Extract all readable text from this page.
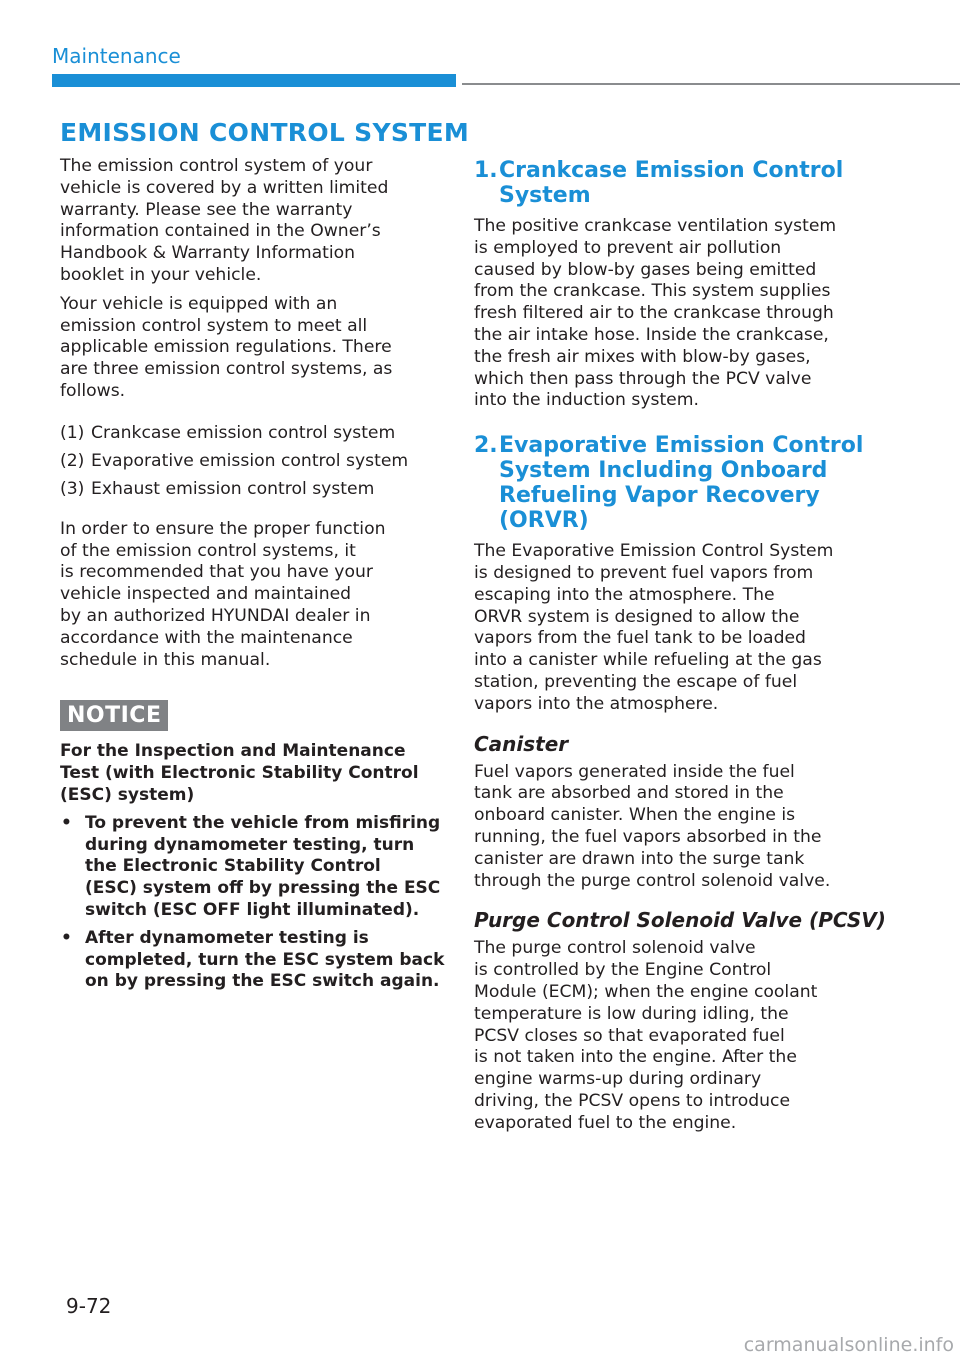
Maintenance
EMISSION CONTROL SYSTEM

The emission control system of your
vehicle is covered by a written limited
warranty. Please see the warranty
information contained in the Owner’s
Handbook & Warranty Information
booklet in your vehicle.

Your vehicle is equipped with an
emission control system to meet all
applicable emission regulations. There
are three emission control systems, as
follows.

(1) Crankcase emission control system
(2) Evaporative emission control system
(3) Exhaust emission control system

In order to ensure the proper function
of the emission control systems, it
is recommended that you have your
vehicle inspected and maintained
by an authorized HYUNDAI dealer in
accordance with the maintenance
schedule in this manual.

NOTICE
For the Inspection and Maintenance
Test (with Electronic Stability Control
(ESC) system)
• To prevent the vehicle from misfiring
during dynamometer testing, turn
the Electronic Stability Control
(ESC) system off by pressing the ESC
switch (ESC OFF light illuminated).
• After dynamometer testing is
completed, turn the ESC system back
on by pressing the ESC switch again.
1. Crankcase Emission Control
System

The positive crankcase ventilation system
is employed to prevent air pollution
caused by blow-by gases being emitted
from the crankcase. This system supplies
fresh filtered air to the crankcase through
the air intake hose. Inside the crankcase,
the fresh air mixes with blow-by gases,
which then pass through the PCV valve
into the induction system.

2. Evaporative Emission Control
System Including Onboard
Refueling Vapor Recovery
(ORVR)

The Evaporative Emission Control System
is designed to prevent fuel vapors from
escaping into the atmosphere. The
ORVR system is designed to allow the
vapors from the fuel tank to be loaded
into a canister while refueling at the gas
station, preventing the escape of fuel
vapors into the atmosphere.

Canister

Fuel vapors generated inside the fuel
tank are absorbed and stored in the
onboard canister. When the engine is
running, the fuel vapors absorbed in the
canister are drawn into the surge tank
through the purge control solenoid valve.

Purge Control Solenoid Valve (PCSV)

The purge control solenoid valve
is controlled by the Engine Control
Module (ECM); when the engine coolant
temperature is low during idling, the
PCSV closes so that evaporated fuel
is not taken into the engine. After the
engine warms-up during ordinary
driving, the PCSV opens to introduce
evaporated fuel to the engine.

9-72
carmanualsonline.info
